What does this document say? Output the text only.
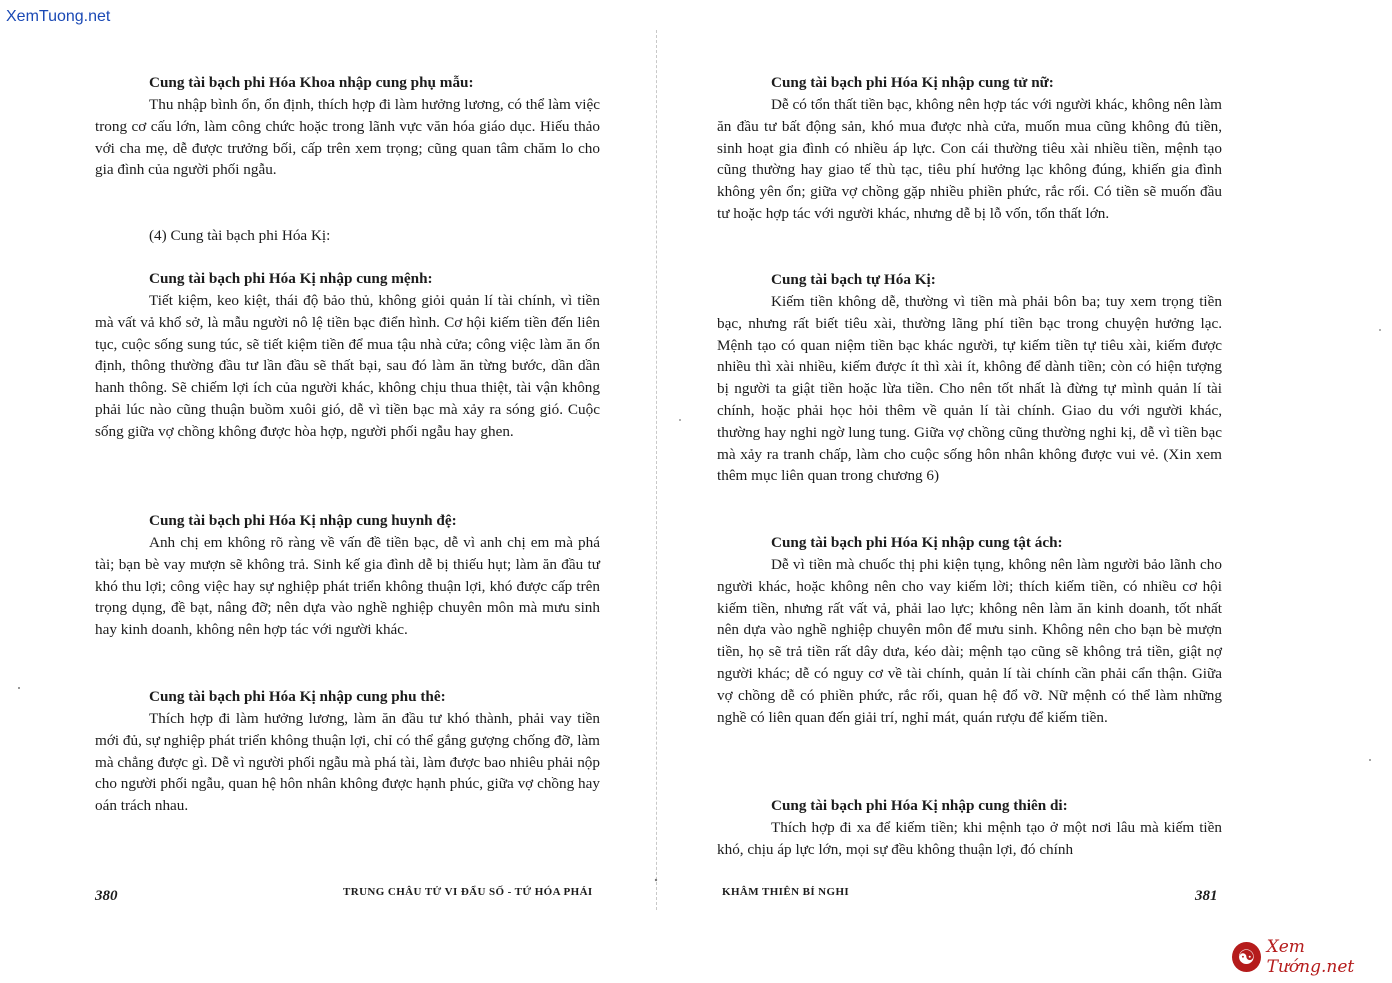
XemTuong.net
Cung tài bạch phi Hóa Khoa nhập cung phụ mẫu:

Thu nhập bình ổn, ổn định, thích hợp đi làm hưởng lương, có thể làm việc trong cơ cấu lớn, làm công chức hoặc trong lãnh vực văn hóa giáo dục. Hiếu thảo với cha mẹ, dễ được trưởng bối, cấp trên xem trọng; cũng quan tâm chăm lo cho gia đình của người phối ngẫu.

(4) Cung tài bạch phi Hóa Kị:
Cung tài bạch phi Hóa Kị nhập cung mệnh:

Tiết kiệm, keo kiệt, thái độ bảo thủ, không giỏi quản lí tài chính, vì tiền mà vất vả khổ sở, là mẫu người nô lệ tiền bạc điển hình. Cơ hội kiếm tiền đến liên tục, cuộc sống sung túc, sẽ tiết kiệm tiền để mua tậu nhà cửa; công việc làm ăn ổn định, thông thường đầu tư lần đầu sẽ thất bại, sau đó làm ăn từng bước, dần dần hanh thông. Sẽ chiếm lợi ích của người khác, không chịu thua thiệt, tài vận không phải lúc nào cũng thuận buồm xuôi gió, dễ vì tiền bạc mà xảy ra sóng gió. Cuộc sống giữa vợ chồng không được hòa hợp, người phối ngẫu hay ghen.

Cung tài bạch phi Hóa Kị nhập cung huynh đệ:

Anh chị em không rõ ràng về vấn đề tiền bạc, dễ vì anh chị em mà phá tài; bạn bè vay mượn sẽ không trả. Sinh kế gia đình dễ bị thiếu hụt; làm ăn đầu tư khó thu lợi; công việc hay sự nghiệp phát triển không thuận lợi, khó được cấp trên trọng dụng, đề bạt, nâng đỡ; nên dựa vào nghề nghiệp chuyên môn mà mưu sinh hay kinh doanh, không nên hợp tác với người khác.

Cung tài bạch phi Hóa Kị nhập cung phu thê:

Thích hợp đi làm hưởng lương, làm ăn đầu tư khó thành, phải vay tiền mới đủ, sự nghiệp phát triển không thuận lợi, chỉ có thể gắng gượng chống đỡ, làm mà chẳng được gì. Dễ vì người phối ngẫu mà phá tài, làm được bao nhiêu phải nộp cho người phối ngẫu, quan hệ hôn nhân không được hạnh phúc, giữa vợ chồng hay oán trách nhau.

380	TRUNG CHÂU TỬ VI ĐẨU SỐ - TỨ HÓA PHÁI
Cung tài bạch phi Hóa Kị nhập cung tử nữ:

Dễ có tổn thất tiền bạc, không nên hợp tác với người khác, không nên làm ăn đầu tư bất động sản, khó mua được nhà cửa, muốn mua cũng không đủ tiền, sinh hoạt gia đình có nhiều áp lực. Con cái thường tiêu xài nhiều tiền, mệnh tạo cũng thường hay giao tế thù tạc, tiêu phí hưởng lạc không đúng, khiến gia đình không yên ổn; giữa vợ chồng gặp nhiều phiền phức, rắc rối. Có tiền sẽ muốn đầu tư hoặc hợp tác với người khác, nhưng dễ bị lỗ vốn, tổn thất lớn.

Cung tài bạch tự Hóa Kị:

Kiếm tiền không dễ, thường vì tiền mà phải bôn ba; tuy xem trọng tiền bạc, nhưng rất biết tiêu xài, thường lãng phí tiền bạc trong chuyện hưởng lạc. Mệnh tạo có quan niệm tiền bạc khác người, tự kiếm tiền tự tiêu xài, kiếm được nhiều thì xài nhiều, kiếm được ít thì xài ít, không để dành tiền; còn có hiện tượng bị người ta giật tiền hoặc lừa tiền. Cho nên tốt nhất là đừng tự mình quản lí tài chính, hoặc phải học hỏi thêm về quản lí tài chính. Giao du với người khác, thường hay nghi ngờ lung tung. Giữa vợ chồng cũng thường nghi kị, dễ vì tiền bạc mà xảy ra tranh chấp, làm cho cuộc sống hôn nhân không được vui vẻ. (Xin xem thêm mục liên quan trong chương 6)

Cung tài bạch phi Hóa Kị nhập cung tật ách:

Dễ vì tiền mà chuốc thị phi kiện tụng, không nên làm người bảo lãnh cho người khác, hoặc không nên cho vay kiếm lời; thích kiếm tiền, có nhiều cơ hội kiếm tiền, nhưng rất vất vả, phải lao lực; không nên làm ăn kinh doanh, tốt nhất nên dựa vào nghề nghiệp chuyên môn để mưu sinh. Không nên cho bạn bè mượn tiền, họ sẽ trả tiền rất dây dưa, kéo dài; mệnh tạo cũng sẽ không trả tiền, giật nợ người khác; dễ có nguy cơ về tài chính, quản lí tài chính cần phải cẩn thận. Giữa vợ chồng dễ có phiền phức, rắc rối, quan hệ đổ vỡ. Nữ mệnh có thể làm những nghề có liên quan đến giải trí, nghỉ mát, quán rượu để kiếm tiền.

Cung tài bạch phi Hóa Kị nhập cung thiên di:

Thích hợp đi xa để kiếm tiền; khi mệnh tạo ở một nơi lâu mà kiếm tiền khó, chịu áp lực lớn, mọi sự đều không thuận lợi, đó chính

KHÂM THIÊN BÍ NGHI	381
☯ Xem Tướng.net
